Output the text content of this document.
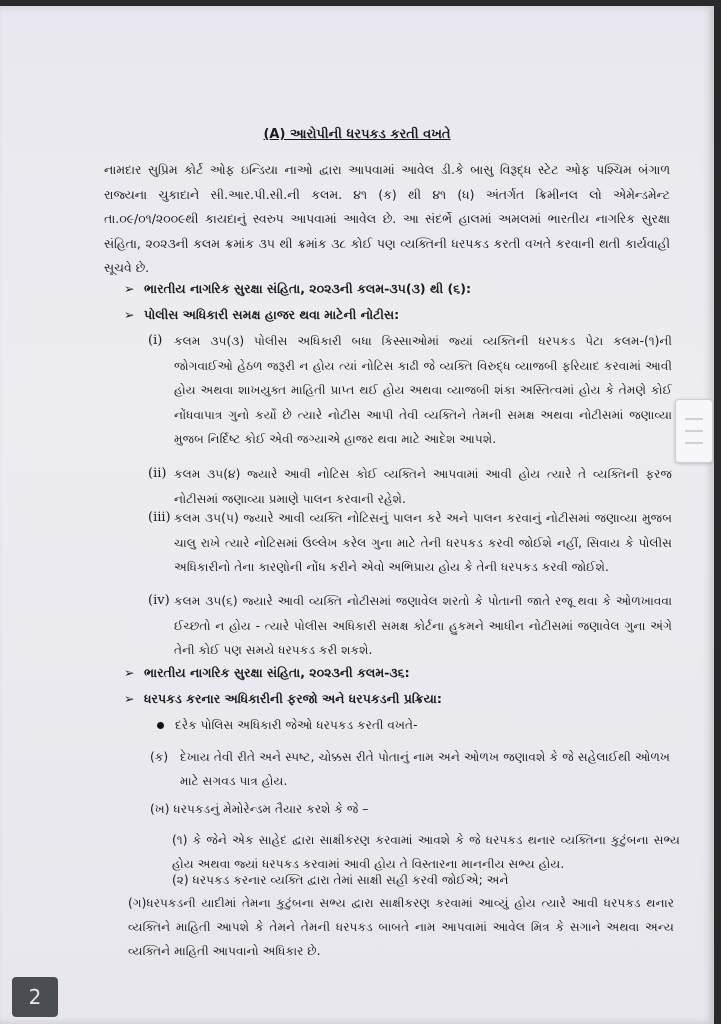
(A) આરોપીની ધરપકડ કરતી વખતે
નામદાર સુપ્રિમ કોર્ટ ઓફ ઇન્ડિયા નાઓ દ્વારા આપવામાં આવેલ ડી.કે બાસુ વિરૂદ્ધ સ્ટેટ ઓફ પશ્ચિમ બંગાળ રાજ્યના ચુકાદાને સી.આર.પી.સી.ની કલમ. ૪૧ (ક) થી ૪૧ (ધ) અંતર્ગત ક્રિમીનલ લો એમેન્ડમેન્ટ તા.૦૯/૦૧/૨૦૦૯થી કાયદાનું સ્વરુપ આપવામાં આવેલ છે. આ સંદર્ભે હાલમાં અમલમાં ભારતીય નાગરિક સુરક્ષા સંહિતા, ૨૦૨૩ની કલમ ક્રમાંક ૩૫ થી ક્રમાંક ૩૮ કોઈ પણ વ્યક્તિની ધરપકડ કરતી વખતે કરવાની થતી કાર્યવાહી સૂચવે છે.
➢ ભારતીય નાગરિક સુરક્ષા સંહિતા, ૨૦૨૩ની કલમ-૩૫(૩) થી (૬):
➢ પોલીસ અધિકારી સમક્ષ હાજર થવા માટેની નોટીસ:
(i) કલમ ૩૫(૩) પોલીસ અધિકારી બધા કિસ્સાઓમાં જ્યાં વ્યક્તિની ધરપકડ પેટા કલમ-(૧)ની જોગવાઈઓ હેઠળ જરૂરી ન હોય ત્યાં નોટિસ કાઢી જે વ્યક્તિ વિરુદ્ધ વ્યાજબી ફરિયાદ કરવામાં આવી હોય અથવા શાખયુક્ત માહિતી પ્રાપ્ત થઈ હોય અથવા વ્યાજબી શંકા અસ્તિત્વમાં હોય કે તેમણે કોઈ નોંધવાપાત્ર ગુનો કર્યો છે ત્યારે નોટીસ આપી તેવી વ્યક્તિને તેમની સમક્ષ અથવા નોટીસમાં જણાવ્યા મુજબ નિર્દિષ્ટ કોઈ એવી જગ્યાએ હાજર થવા માટે આદેશ આપશે.
(ii) કલમ ૩૫(૪) જ્યારે આવી નોટિસ કોઈ વ્યક્તિને આપવામાં આવી હોય ત્યારે તે વ્યક્તિની ફરજ નોટીસમાં જણાવ્યા પ્રમાણે પાલન કરવાની રહેશે.
(iii) કલમ ૩૫(૫) જ્યારે આવી વ્યક્તિ નોટિસનું પાલન કરે અને પાલન કરવાનું નોટીસમાં જણાવ્યા મુજબ ચાલુ રાખે ત્યારે નોટિસમાં ઉલ્લેખ કરેલ ગુના માટે તેની ધરપકડ કરવી જોઈશે નહીં, સિવાય કે પોલીસ અધિકારીનો તેના કારણોની નોંધ કરીને એવો અભિપ્રાય હોય કે તેની ધરપકડ કરવી જોઈશે.
(iv) કલમ ૩૫(૬) જ્યારે આવી વ્યક્તિ નોટીસમાં જણાવેલ શરતો કે પોતાની જાતે રજૂ થવા કે ઓળખાવવા ઈચ્છતો ન હોય - ત્યારે પોલીસ અધિકારી સમક્ષ કોર્ટના હુકમને આધીન નોટીસમાં જણાવેલ ગુના અંગે તેની કોઈ પણ સમયે ધરપકડ કરી શકશે.
➢ ભારતીય નાગરિક સુરક્ષા સંહિતા, ૨૦૨૩ની કલમ-૩૬:
➢ ધરપકડ કરનાર અધિકારીની ફરજો અને ધરપકડની પ્રક્રિયા:
દરેક પોલિસ અધિકારી જેઓ ધરપકડ કરતી વખતે-
(ક) દેખાય તેવી રીતે અને સ્પષ્ટ, ચોક્કસ રીતે પોતાનું નામ અને ઓળખ જણાવશે કે જે સહેલાઈથી ઓળખ માટે સગવડ પાત્ર હોય.
(ખ) ધરપકડનું મેમોરેન્ડમ તૈયાર કરશે કે જે –
(૧) કે જેને એક સાહેદ દ્વારા સાક્ષીકરણ કરવામાં આવશે કે જે ધરપકડ થનાર વ્યક્તિના કુટુંબના સભ્ય હોય અથવા જ્યાં ધરપકડ કરવામાં આવી હોય તે વિસ્તારના માનનીય સભ્ય હોય.
(૨) ધરપકડ કરનાર વ્યક્તિ દ્વારા તેમાં સાક્ષી સહી કરવી જોઈએ; અને
(ગ)ધરપકડની યાદીમાં તેમના કુટુંબના સભ્ય દ્વારા સાક્ષીકરણ કરવામાં આવ્યું હોય ત્યારે આવી ધરપકડ થનાર વ્યક્તિને માહિતી આપશે કે તેમને તેમની ધરપકડ બાબતે નામ આપવામાં આવેલ મિત્ર કે સગાને અથવા અન્ય વ્યક્તિને માહિતી આપવાનો અધિકાર છે.
2
